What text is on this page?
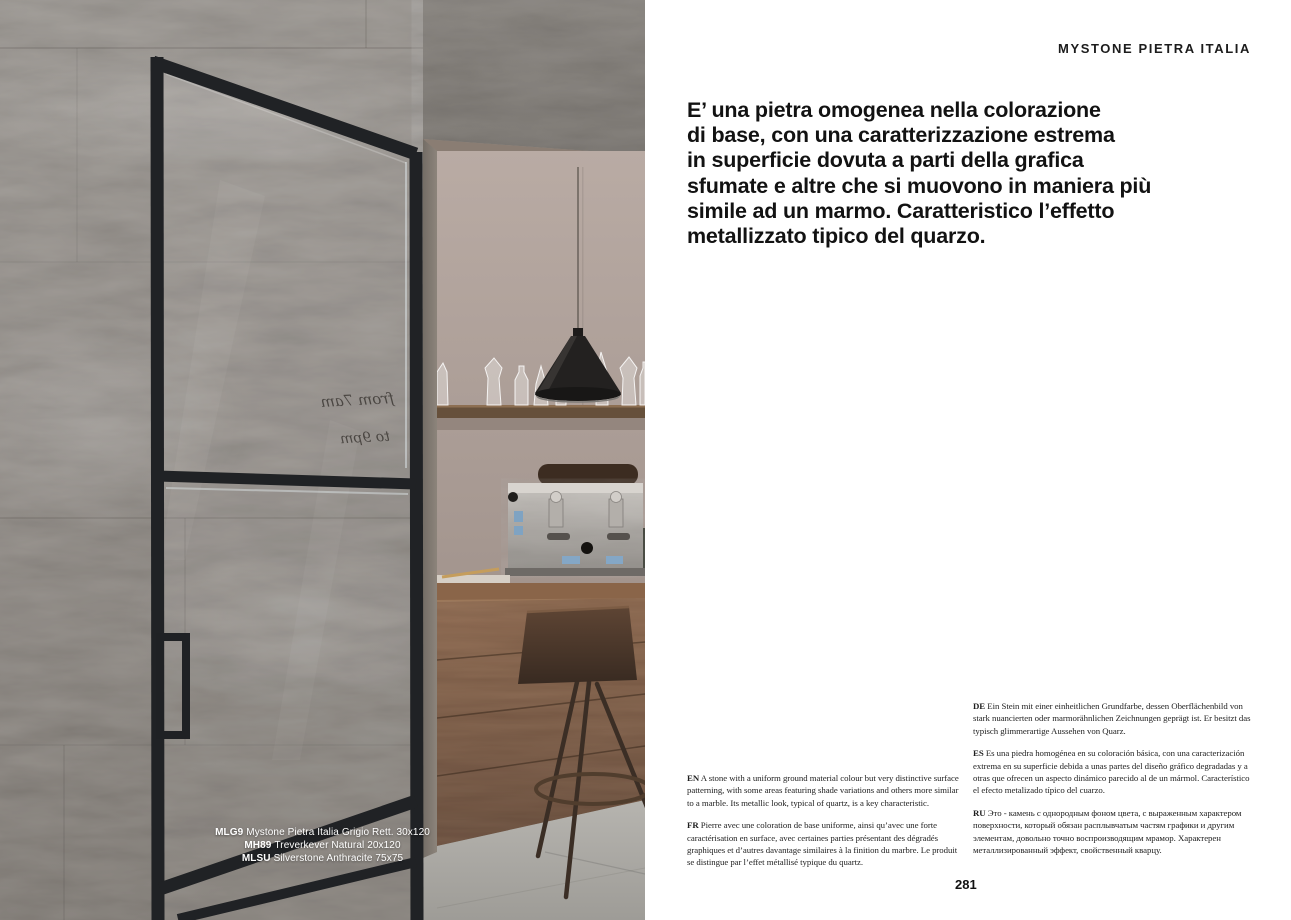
from 7am
to 9pm
MLG9 Mystone Pietra Italia Grigio Rett. 30x120
MH89 Treverkever Natural 20x120
MLSU Silverstone Anthracite 75x75
MYSTONE PIETRA ITALIA
E’ una pietra omogenea nella colorazione
di base, con una caratterizzazione estrema
in superficie dovuta a parti della grafica
sfumate e altre che si muovono in maniera più
simile ad un marmo. Caratteristico l’effetto
metallizzato tipico del quarzo.

EN A stone with a uniform ground material colour but very distinctive surface patterning, with some areas featuring shade variations and others more similar to a marble. Its metallic look, typical of quartz, is a key characteristic.

FR Pierre avec une coloration de base uniforme, ainsi qu’avec une forte caractérisation en surface, avec certaines parties présentant des dégradés graphiques et d’autres davantage similaires à la finition du marbre. Le produit se distingue par l’effet métallisé typique du quartz.

DE Ein Stein mit einer einheitlichen Grundfarbe, dessen Oberflächenbild von stark nuancierten oder marmorähnlichen Zeichnungen geprägt ist. Er besitzt das typisch glimmerartige Aussehen von Quarz.

ES Es una piedra homogénea en su coloración básica, con una caracterización extrema en su superficie debida a unas partes del diseño gráfico degradadas y a otras que ofrecen un aspecto dinámico parecido al de un mármol. Característico el efecto metalizado típico del cuarzo.

RU Это - камень с однородным фоном цвета, с выраженным характером поверхности, который обязан расплывчатым частям графики и другим элементам, довольно точно воспроизводящим мрамор. Характерен металлизированный эффект, свойственный кварцу.

281
